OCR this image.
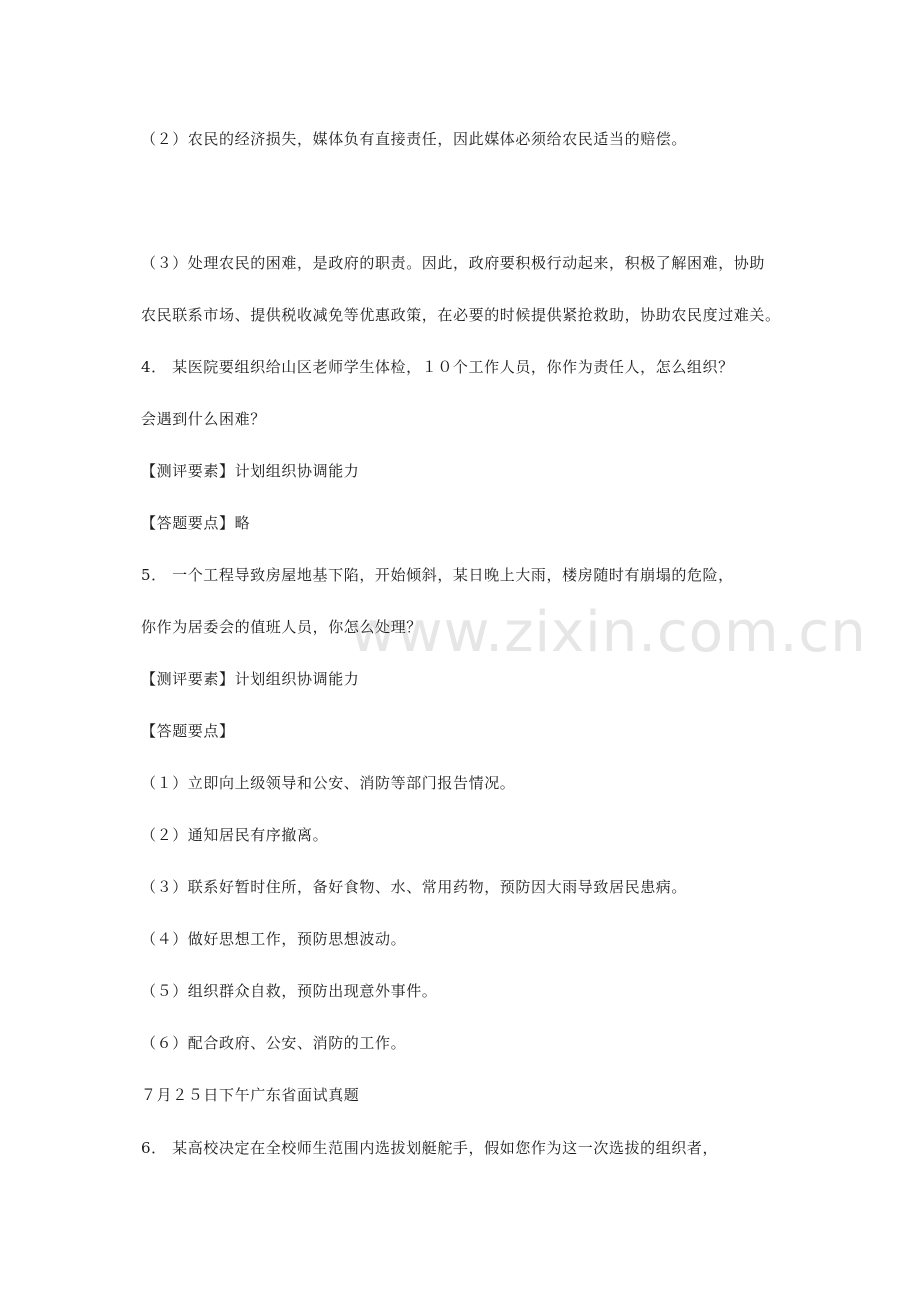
www.zixin.com.cn
（２）农民的经济损失，媒体负有直接责任，因此媒体必须给农民适当的赔偿。
（３）处理农民的困难，是政府的职责。因此，政府要积极行动起来，积极了解困难，协助
农民联系市场、提供税收减免等优惠政策，在必要的时候提供紧抢救助，协助农民度过难关。
4． 某医院要组织给山区老师学生体检，１０个工作人员，你作为责任人，怎么组织？
会遇到什么困难？
【测评要素】计划组织协调能力
【答题要点】略
5． 一个工程导致房屋地基下陷，开始倾斜，某日晚上大雨，楼房随时有崩塌的危险，
你作为居委会的值班人员，你怎么处理？
【测评要素】计划组织协调能力
【答题要点】
（１）立即向上级领导和公安、消防等部门报告情况。
（２）通知居民有序撤离。
（３）联系好暂时住所，备好食物、水、常用药物，预防因大雨导致居民患病。
（４）做好思想工作，预防思想波动。
（５）组织群众自救，预防出现意外事件。
（６）配合政府、公安、消防的工作。
７月２５日下午广东省面试真题
6． 某高校决定在全校师生范围内选拔划艇舵手，假如您作为这一次选拔的组织者，
